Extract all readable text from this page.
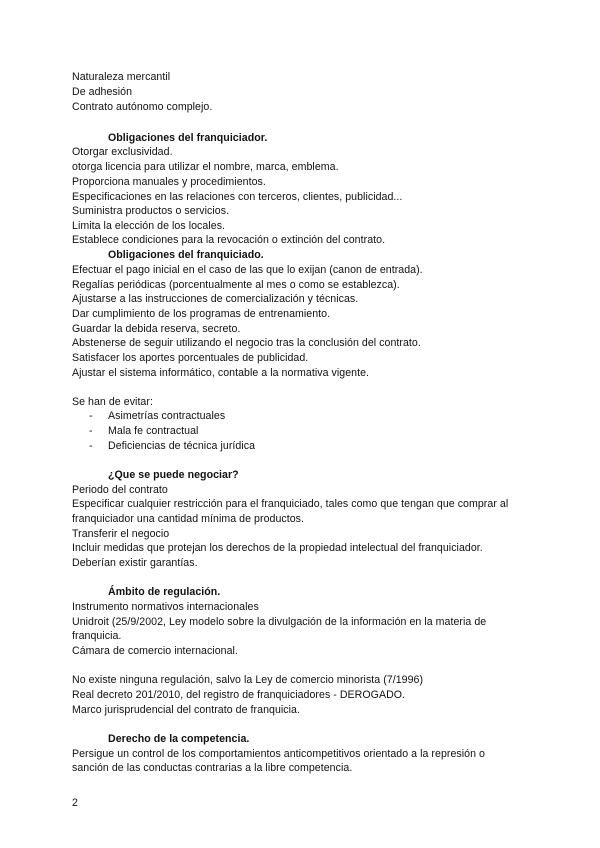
Naturaleza mercantil

De adhesión

Contrato autónomo complejo.

Obligaciones del franquiciador.

Otorgar exclusividad.

otorga licencia para utilizar el nombre, marca, emblema.

Proporciona manuales y procedimientos.

Especificaciones en las relaciones con terceros, clientes, publicidad...

Suministra productos o servicios.

Limita la elección de los locales.

Establece condiciones para la revocación o extinción del contrato.

Obligaciones del franquiciado.

Efectuar el pago inicial en el caso de las que lo exijan (canon de entrada).

Regalías periódicas (porcentualmente al mes o como se establezca).

Ajustarse a las instrucciones de comercialización y técnicas.

Dar cumplimiento de los programas de entrenamiento.

Guardar la debida reserva, secreto.

Abstenerse de seguir utilizando el negocio tras la conclusión del contrato.

Satisfacer los aportes porcentuales de publicidad.

Ajustar el sistema informático, contable a la normativa vigente.

Se han de evitar:

- Asimetrías contractuales

- Mala fe contractual

- Deficiencias de técnica jurídica

¿Que se puede negociar?

Periodo del contrato

Especificar cualquier restricción para el franquiciado, tales como que tengan que comprar al

franquiciador una cantidad mínima de productos.

Transferir el negocio

Incluir medidas que protejan los derechos de la propiedad intelectual del franquiciador.

Deberían existir garantías.

Ámbito de regulación.

Instrumento normativos internacionales

Unidroit (25/9/2002, Ley modelo sobre la divulgación de la información en la materia de

franquicia.

Cámara de comercio internacional.

No existe ninguna regulación, salvo la Ley de comercio minorista (7/1996)

Real decreto 201/2010, del registro de franquiciadores - DEROGADO.

Marco jurisprudencial del contrato de franquicia.

Derecho de la competencia.

Persigue un control de los comportamientos anticompetitivos orientado a la represión o

sanción de las conductas contrarias a la libre competencia.

2
